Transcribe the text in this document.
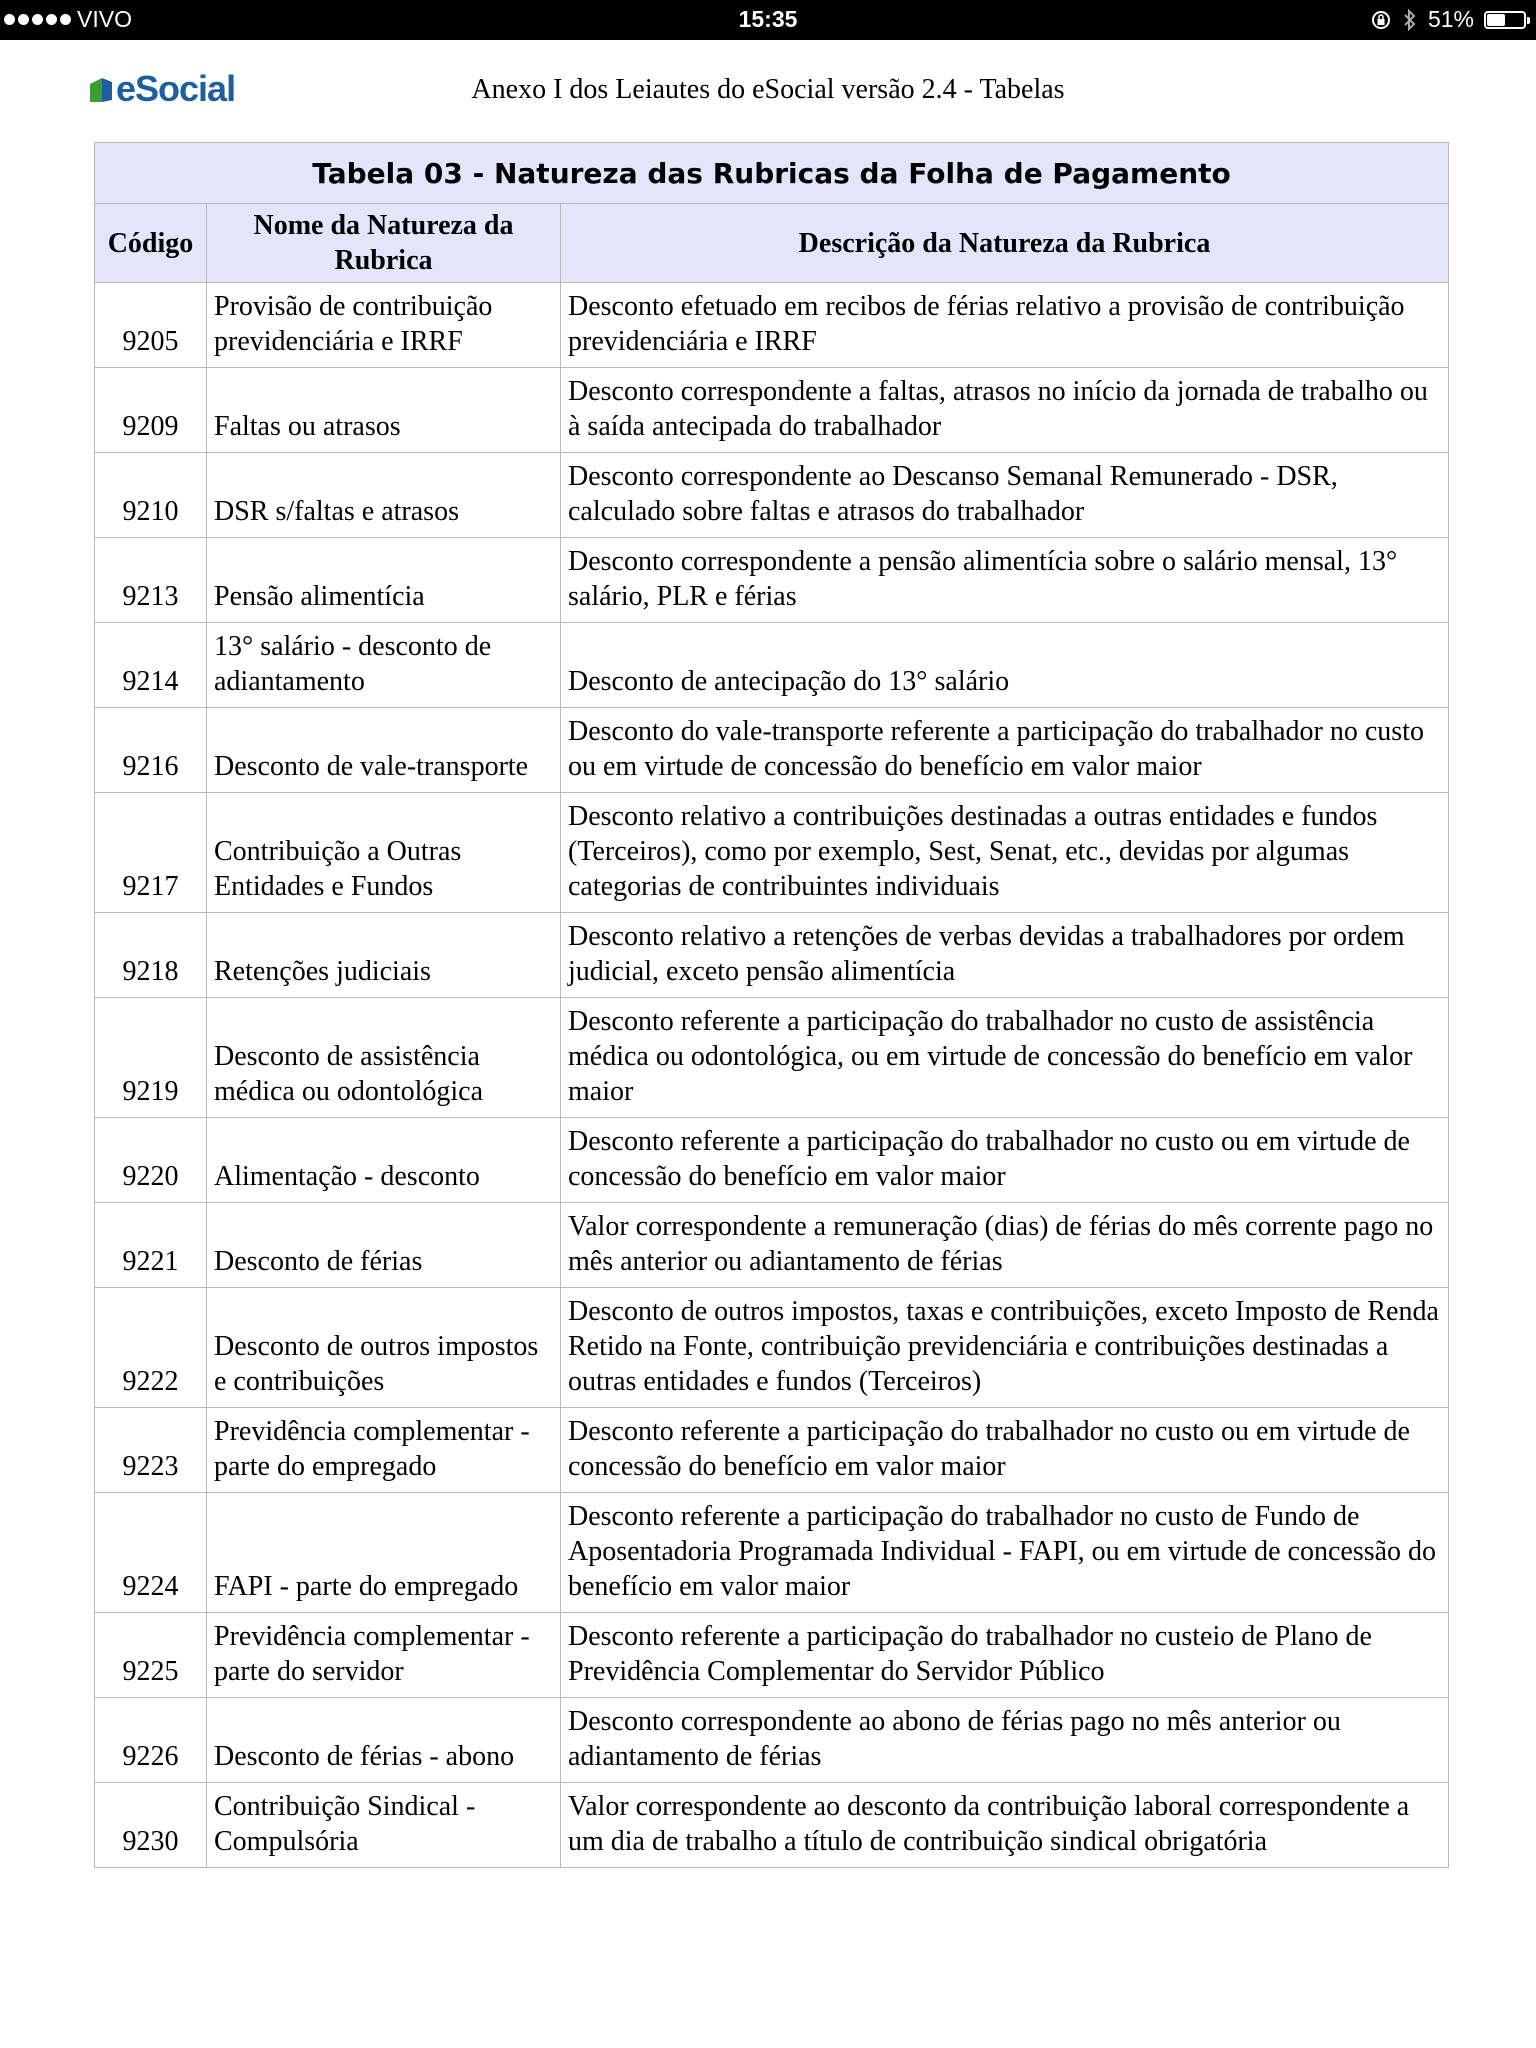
VIVO	15:35	51%
eSocial	Anexo I dos Leiautes do eSocial versão 2.4 - Tabelas
Tabela 03 - Natureza das Rubricas da Folha de Pagamento		
Código	Nome da Natureza da Rubrica	Descrição da Natureza da Rubrica
9205	Provisão de contribuição previdenciária e IRRF	Desconto efetuado em recibos de férias relativo a provisão de contribuição previdenciária e IRRF
9209	Faltas ou atrasos	Desconto correspondente a faltas, atrasos no início da jornada de trabalho ou à saída antecipada do trabalhador
9210	DSR s/faltas e atrasos	Desconto correspondente ao Descanso Semanal Remunerado - DSR, calculado sobre faltas e atrasos do trabalhador
9213	Pensão alimentícia	Desconto correspondente a pensão alimentícia sobre o salário mensal, 13° salário, PLR e férias
9214	13° salário - desconto de adiantamento	Desconto de antecipação do 13° salário
9216	Desconto de vale-transporte	Desconto do vale-transporte referente a participação do trabalhador no custo ou em virtude de concessão do benefício em valor maior
9217	Contribuição a Outras Entidades e Fundos	Desconto relativo a contribuições destinadas a outras entidades e fundos (Terceiros), como por exemplo, Sest, Senat, etc., devidas por algumas categorias de contribuintes individuais
9218	Retenções judiciais	Desconto relativo a retenções de verbas devidas a trabalhadores por ordem judicial, exceto pensão alimentícia
9219	Desconto de assistência médica ou odontológica	Desconto referente a participação do trabalhador no custo de assistência médica ou odontológica, ou em virtude de concessão do benefício em valor maior
9220	Alimentação - desconto	Desconto referente a participação do trabalhador no custo ou em virtude de concessão do benefício em valor maior
9221	Desconto de férias	Valor correspondente a remuneração (dias) de férias do mês corrente pago no mês anterior ou adiantamento de férias
9222	Desconto de outros impostos e contribuições	Desconto de outros impostos, taxas e contribuições, exceto Imposto de Renda Retido na Fonte, contribuição previdenciária e contribuições destinadas a outras entidades e fundos (Terceiros)
9223	Previdência complementar - parte do empregado	Desconto referente a participação do trabalhador no custo ou em virtude de concessão do benefício em valor maior
9224	FAPI - parte do empregado	Desconto referente a participação do trabalhador no custo de Fundo de Aposentadoria Programada Individual - FAPI, ou em virtude de concessão do benefício em valor maior
9225	Previdência complementar - parte do servidor	Desconto referente a participação do trabalhador no custeio de Plano de Previdência Complementar do Servidor Público
9226	Desconto de férias - abono	Desconto correspondente ao abono de férias pago no mês anterior ou adiantamento de férias
9230	Contribuição Sindical - Compulsória	Valor correspondente ao desconto da contribuição laboral correspondente a um dia de trabalho a título de contribuição sindical obrigatória
